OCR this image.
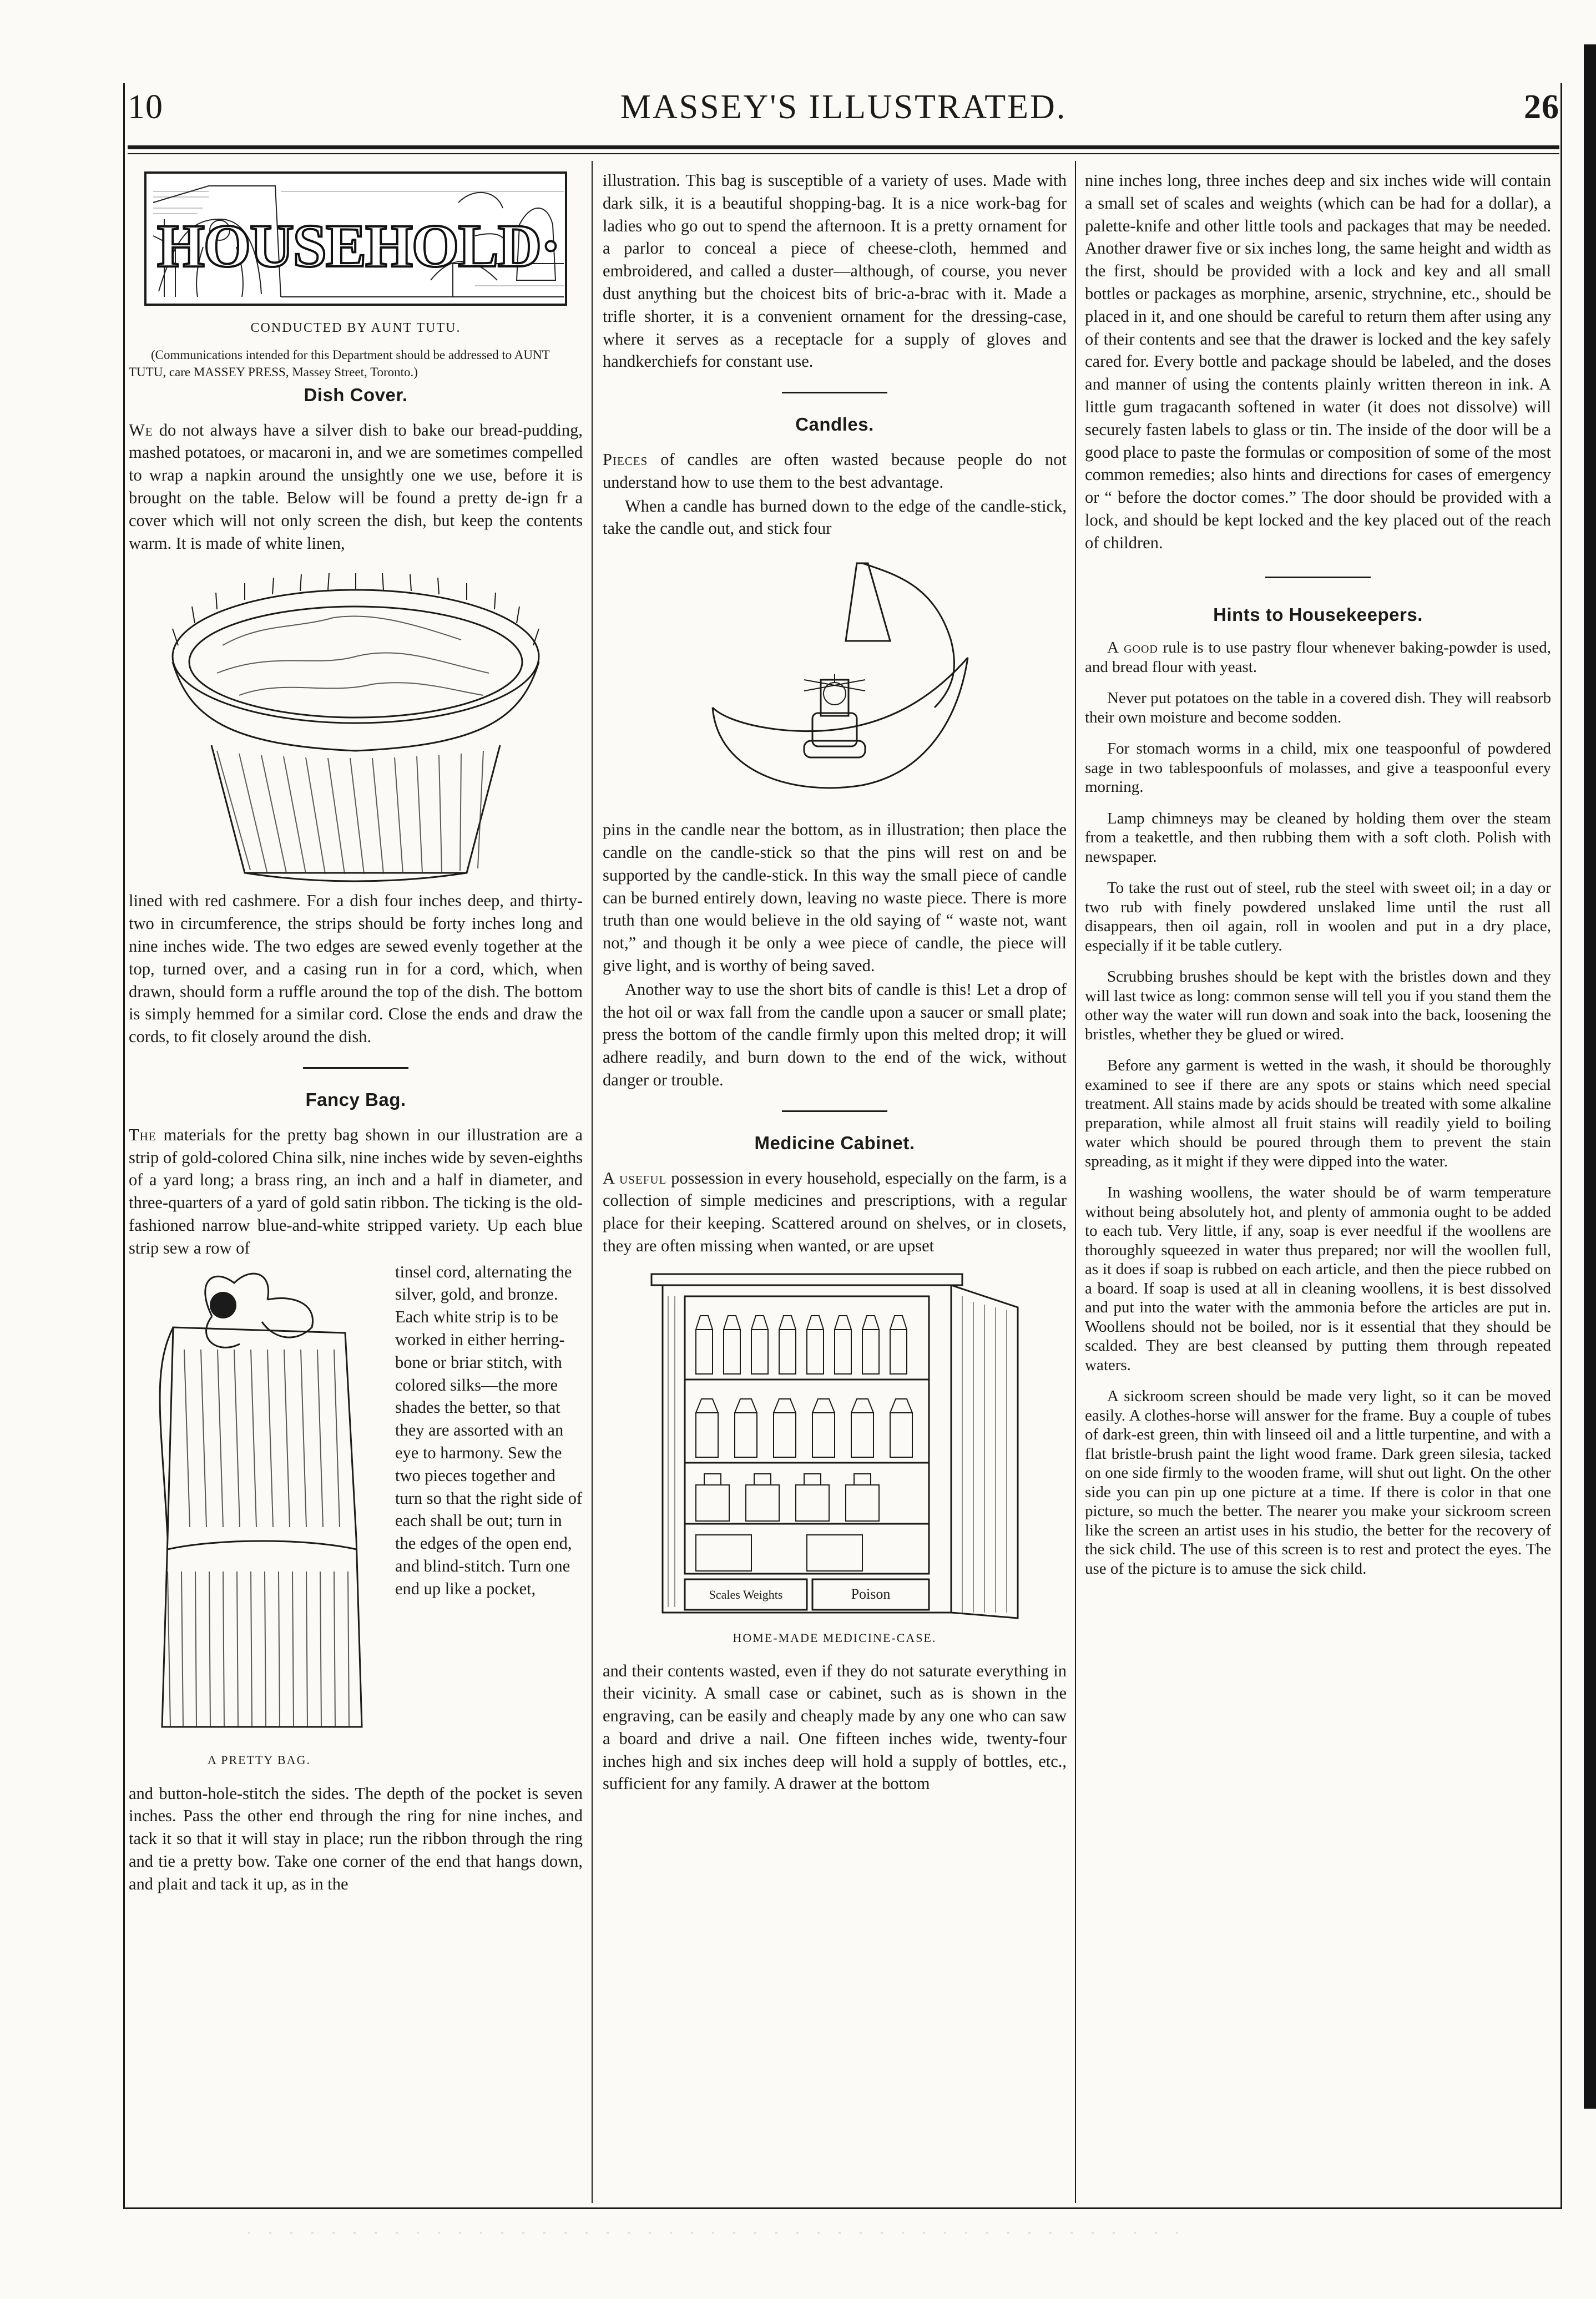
10	MASSEY'S ILLUSTRATED.	26
HOUSEHOLD·
CONDUCTED BY AUNT TUTU.

(Communications intended for this Department should be addressed to AUNT TUTU, care MASSEY PRESS, Massey Street, Toronto.)

Dish Cover.

We do not always have a silver dish to bake our bread-pudding, mashed potatoes, or macaroni in, and we are sometimes compelled to wrap a napkin around the unsightly one we use, before it is brought on the table. Below will be found a pretty de-ign fr a cover which will not only screen the dish, but keep the contents warm. It is made of white linen,

lined with red cashmere. For a dish four inches deep, and thirty-two in circumference, the strips should be forty inches long and nine inches wide. The two edges are sewed evenly together at the top, turned over, and a casing run in for a cord, which, when drawn, should form a ruffle around the top of the dish. The bottom is simply hemmed for a similar cord. Close the ends and draw the cords, to fit closely around the dish.

Fancy Bag.

The materials for the pretty bag shown in our illustration are a strip of gold-colored China silk, nine inches wide by seven-eighths of a yard long; a brass ring, an inch and a half in diameter, and three-quarters of a yard of gold satin ribbon. The ticking is the old-fashioned narrow blue-and-white stripped variety. Up each blue strip sew a row of

A PRETTY BAG.

tinsel cord, alternating the silver, gold, and bronze. Each white strip is to be worked in either herring-bone or briar stitch, with colored silks—the more shades the better, so that they are assorted with an eye to harmony. Sew the two pieces together and turn so that the right side of each shall be out; turn in the edges of the open end, and blind-stitch. Turn one end up like a pocket,

and button-hole-stitch the sides. The depth of the pocket is seven inches. Pass the other end through the ring for nine inches, and tack it so that it will stay in place; run the ribbon through the ring and tie a pretty bow. Take one corner of the end that hangs down, and plait and tack it up, as in the

illustration. This bag is susceptible of a variety of uses. Made with dark silk, it is a beautiful shopping-bag. It is a nice work-bag for ladies who go out to spend the afternoon. It is a pretty ornament for a parlor to conceal a piece of cheese-cloth, hemmed and embroidered, and called a duster—although, of course, you never dust anything but the choicest bits of bric-a-brac with it. Made a trifle shorter, it is a convenient ornament for the dressing-case, where it serves as a receptacle for a supply of gloves and handkerchiefs for constant use.

Candles.

Pieces of candles are often wasted because people do not understand how to use them to the best advantage.

When a candle has burned down to the edge of the candle-stick, take the candle out, and stick four

pins in the candle near the bottom, as in illustration; then place the candle on the candle-stick so that the pins will rest on and be supported by the candle-stick. In this way the small piece of candle can be burned entirely down, leaving no waste piece. There is more truth than one would believe in the old saying of “ waste not, want not,” and though it be only a wee piece of candle, the piece will give light, and is worthy of being saved.

Another way to use the short bits of candle is this! Let a drop of the hot oil or wax fall from the candle upon a saucer or small plate; press the bottom of the candle firmly upon this melted drop; it will adhere readily, and burn down to the end of the wick, without danger or trouble.

Medicine Cabinet.

A useful possession in every household, especially on the farm, is a collection of simple medicines and prescriptions, with a regular place for their keeping. Scattered around on shelves, or in closets, they are often missing when wanted, or are upset

Scales Weights	Poison
HOME-MADE MEDICINE-CASE.

and their contents wasted, even if they do not saturate everything in their vicinity. A small case or cabinet, such as is shown in the engraving, can be easily and cheaply made by any one who can saw a board and drive a nail. One fifteen inches wide, twenty-four inches high and six inches deep will hold a supply of bottles, etc., sufficient for any family. A drawer at the bottom

nine inches long, three inches deep and six inches wide will contain a small set of scales and weights (which can be had for a dollar), a palette-knife and other little tools and packages that may be needed. Another drawer five or six inches long, the same height and width as the first, should be provided with a lock and key and all small bottles or packages as morphine, arsenic, strychnine, etc., should be placed in it, and one should be careful to return them after using any of their contents and see that the drawer is locked and the key safely cared for. Every bottle and package should be labeled, and the doses and manner of using the contents plainly written thereon in ink. A little gum tragacanth softened in water (it does not dissolve) will securely fasten labels to glass or tin. The inside of the door will be a good place to paste the formulas or composition of some of the most common remedies; also hints and directions for cases of emergency or “ before the doctor comes.” The door should be provided with a lock, and should be kept locked and the key placed out of the reach of children.

Hints to Housekeepers.

A good rule is to use pastry flour whenever baking-powder is used, and bread flour with yeast.

Never put potatoes on the table in a covered dish. They will reabsorb their own moisture and become sodden.

For stomach worms in a child, mix one teaspoonful of powdered sage in two tablespoonfuls of molasses, and give a teaspoonful every morning.

Lamp chimneys may be cleaned by holding them over the steam from a teakettle, and then rubbing them with a soft cloth. Polish with newspaper.

To take the rust out of steel, rub the steel with sweet oil; in a day or two rub with finely powdered unslaked lime until the rust all disappears, then oil again, roll in woolen and put in a dry place, especially if it be table cutlery.

Scrubbing brushes should be kept with the bristles down and they will last twice as long: common sense will tell you if you stand them the other way the water will run down and soak into the back, loosening the bristles, whether they be glued or wired.

Before any garment is wetted in the wash, it should be thoroughly examined to see if there are any spots or stains which need special treatment. All stains made by acids should be treated with some alkaline preparation, while almost all fruit stains will readily yield to boiling water which should be poured through them to prevent the stain spreading, as it might if they were dipped into the water.

In washing woollens, the water should be of warm temperature without being absolutely hot, and plenty of ammonia ought to be added to each tub. Very little, if any, soap is ever needful if the woollens are thoroughly squeezed in water thus prepared; nor will the woollen full, as it does if soap is rubbed on each article, and then the piece rubbed on a board. If soap is used at all in cleaning woollens, it is best dissolved and put into the water with the ammonia before the articles are put in. Woollens should not be boiled, nor is it essential that they should be scalded. They are best cleansed by putting them through repeated waters.

A sickroom screen should be made very light, so it can be moved easily. A clothes-horse will answer for the frame. Buy a couple of tubes of dark-est green, thin with linseed oil and a little turpentine, and with a flat bristle-brush paint the light wood frame. Dark green silesia, tacked on one side firmly to the wooden frame, will shut out light. On the other side you can pin up one picture at a time. If there is color in that one picture, so much the better. The nearer you make your sickroom screen like the screen an artist uses in his studio, the better for the recovery of the sick child. The use of this screen is to rest and protect the eyes. The use of the picture is to amuse the sick child.
